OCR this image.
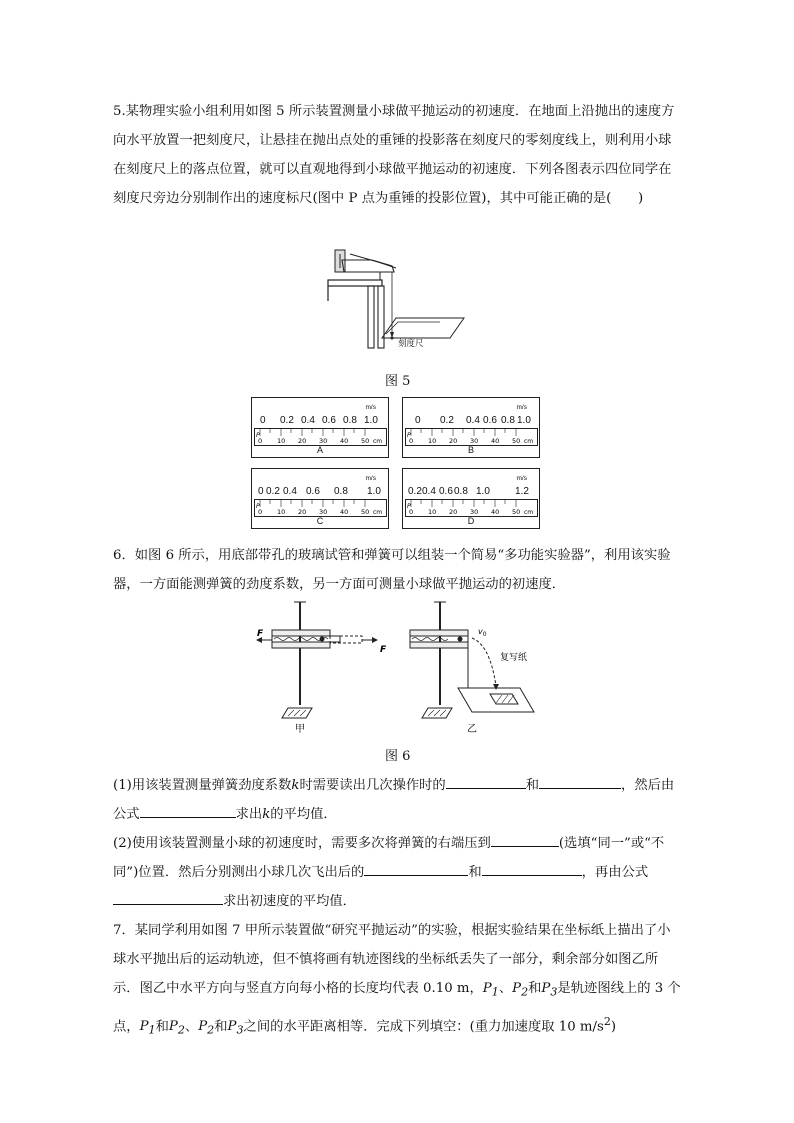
5.某物理实验小组利用如图 5 所示装置测量小球做平抛运动的初速度．在地面上沿抛出的速度方向水平放置一把刻度尺，让悬挂在抛出点处的重锤的投影落在刻度尺的零刻度线上，则利用小球在刻度尺上的落点位置，就可以直观地得到小球做平抛运动的初速度．下列各图表示四位同学在刻度尺旁边分别制作出的速度标尺(图中 P 点为重锤的投影位置)，其中可能正确的是(　　)

刻度尺
图 5
m/s
0 0.2 0.4 0.6 0.8 1.0
P
0 10 20 30 40 50 cm
A
m/s
0 0.2 0.4 0.6 0.8 1.0
P
0 10 20 30 40 50 cm
B
m/s
0 0.2 0.4 0.6 0.8 1.0
P
0 10 20 30 40 50 cm
C
m/s
0.2 0.4 0.6 0.8 1.0	1.2
P
0 10 20 30 40 50 cm
D

6．如图 6 所示，用底部带孔的玻璃试管和弹簧可以组装一个简易“多功能实验器”，利用该实验器，一方面能测弹簧的劲度系数，另一方面可测量小球做平抛运动的初速度．

F
F
甲
$v_0$
复写纸
乙
图 6

(1)用该装置测量弹簧劲度系数k时需要读出几次操作时的	和	，然后由公式	求出k的平均值．

(2)使用该装置测量小球的初速度时，需要多次将弹簧的右端压到	(选填“同一”或“不同”)位置．然后分别测出小球几次飞出后的	和	，再由公式求出初速度的平均值．

7．某同学利用如图 7 甲所示装置做“研究平抛运动”的实验，根据实验结果在坐标纸上描出了小球水平抛出后的运动轨迹，但不慎将画有轨迹图线的坐标纸丢失了一部分，剩余部分如图乙所示．图乙中水平方向与竖直方向每小格的长度均代表 0.10 m，$P_1$、$P_2$和$P_3$是轨迹图线上的 3 个点，$P_1$和$P_2$、$P_2$和$P_3$之间的水平距离相等．完成下列填空：(重力加速度取 10 $m/s^2$)
